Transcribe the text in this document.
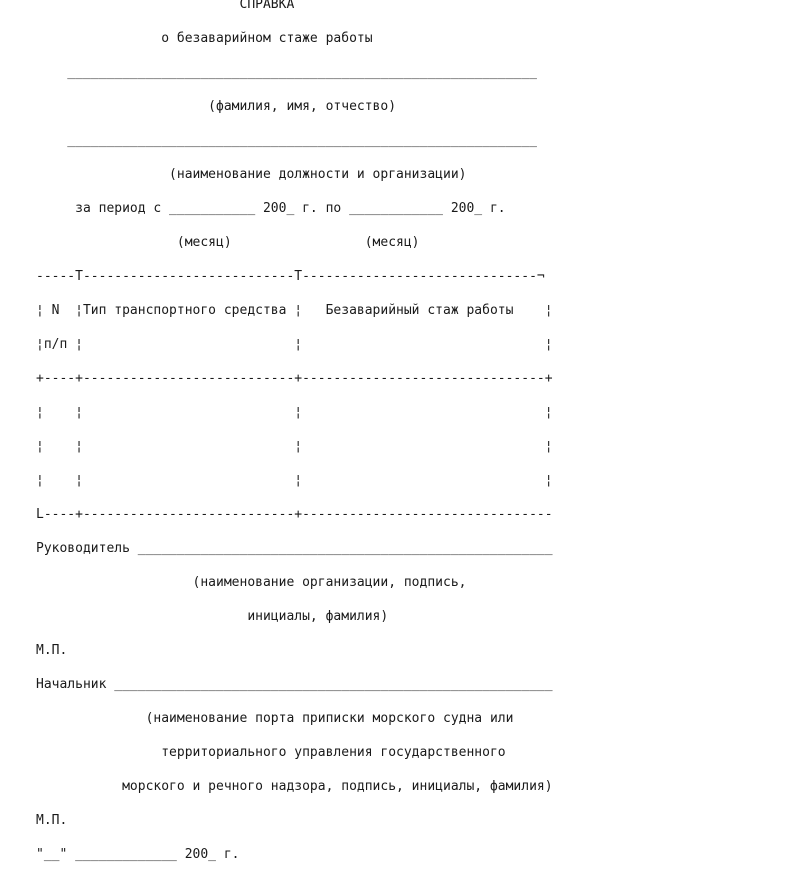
СПРАВКА
о безаварийном стаже работы
____________________________________________________________
(фамилия, имя, отчество)
____________________________________________________________
(наименование должности и организации)
за период с ___________ 200_ г. по ____________ 200_ г.
(месяц)                 (месяц)
-----T---------------------------T------------------------------¬
¦ N  ¦Тип транспортного средства ¦   Безаварийный стаж работы    ¦
¦п/п ¦                           ¦                               ¦
+----+---------------------------+-------------------------------+
¦    ¦                           ¦                               ¦
¦    ¦                           ¦                               ¦
¦    ¦                           ¦                               ¦
L----+---------------------------+--------------------------------
Руководитель _____________________________________________________
(наименование организации, подпись,
инициалы, фамилия)
М.П.
Начальник ________________________________________________________
(наименование порта приписки морского судна или
территориального управления государственного
морского и речного надзора, подпись, инициалы, фамилия)
М.П.
"__" _____________ 200_ г.
